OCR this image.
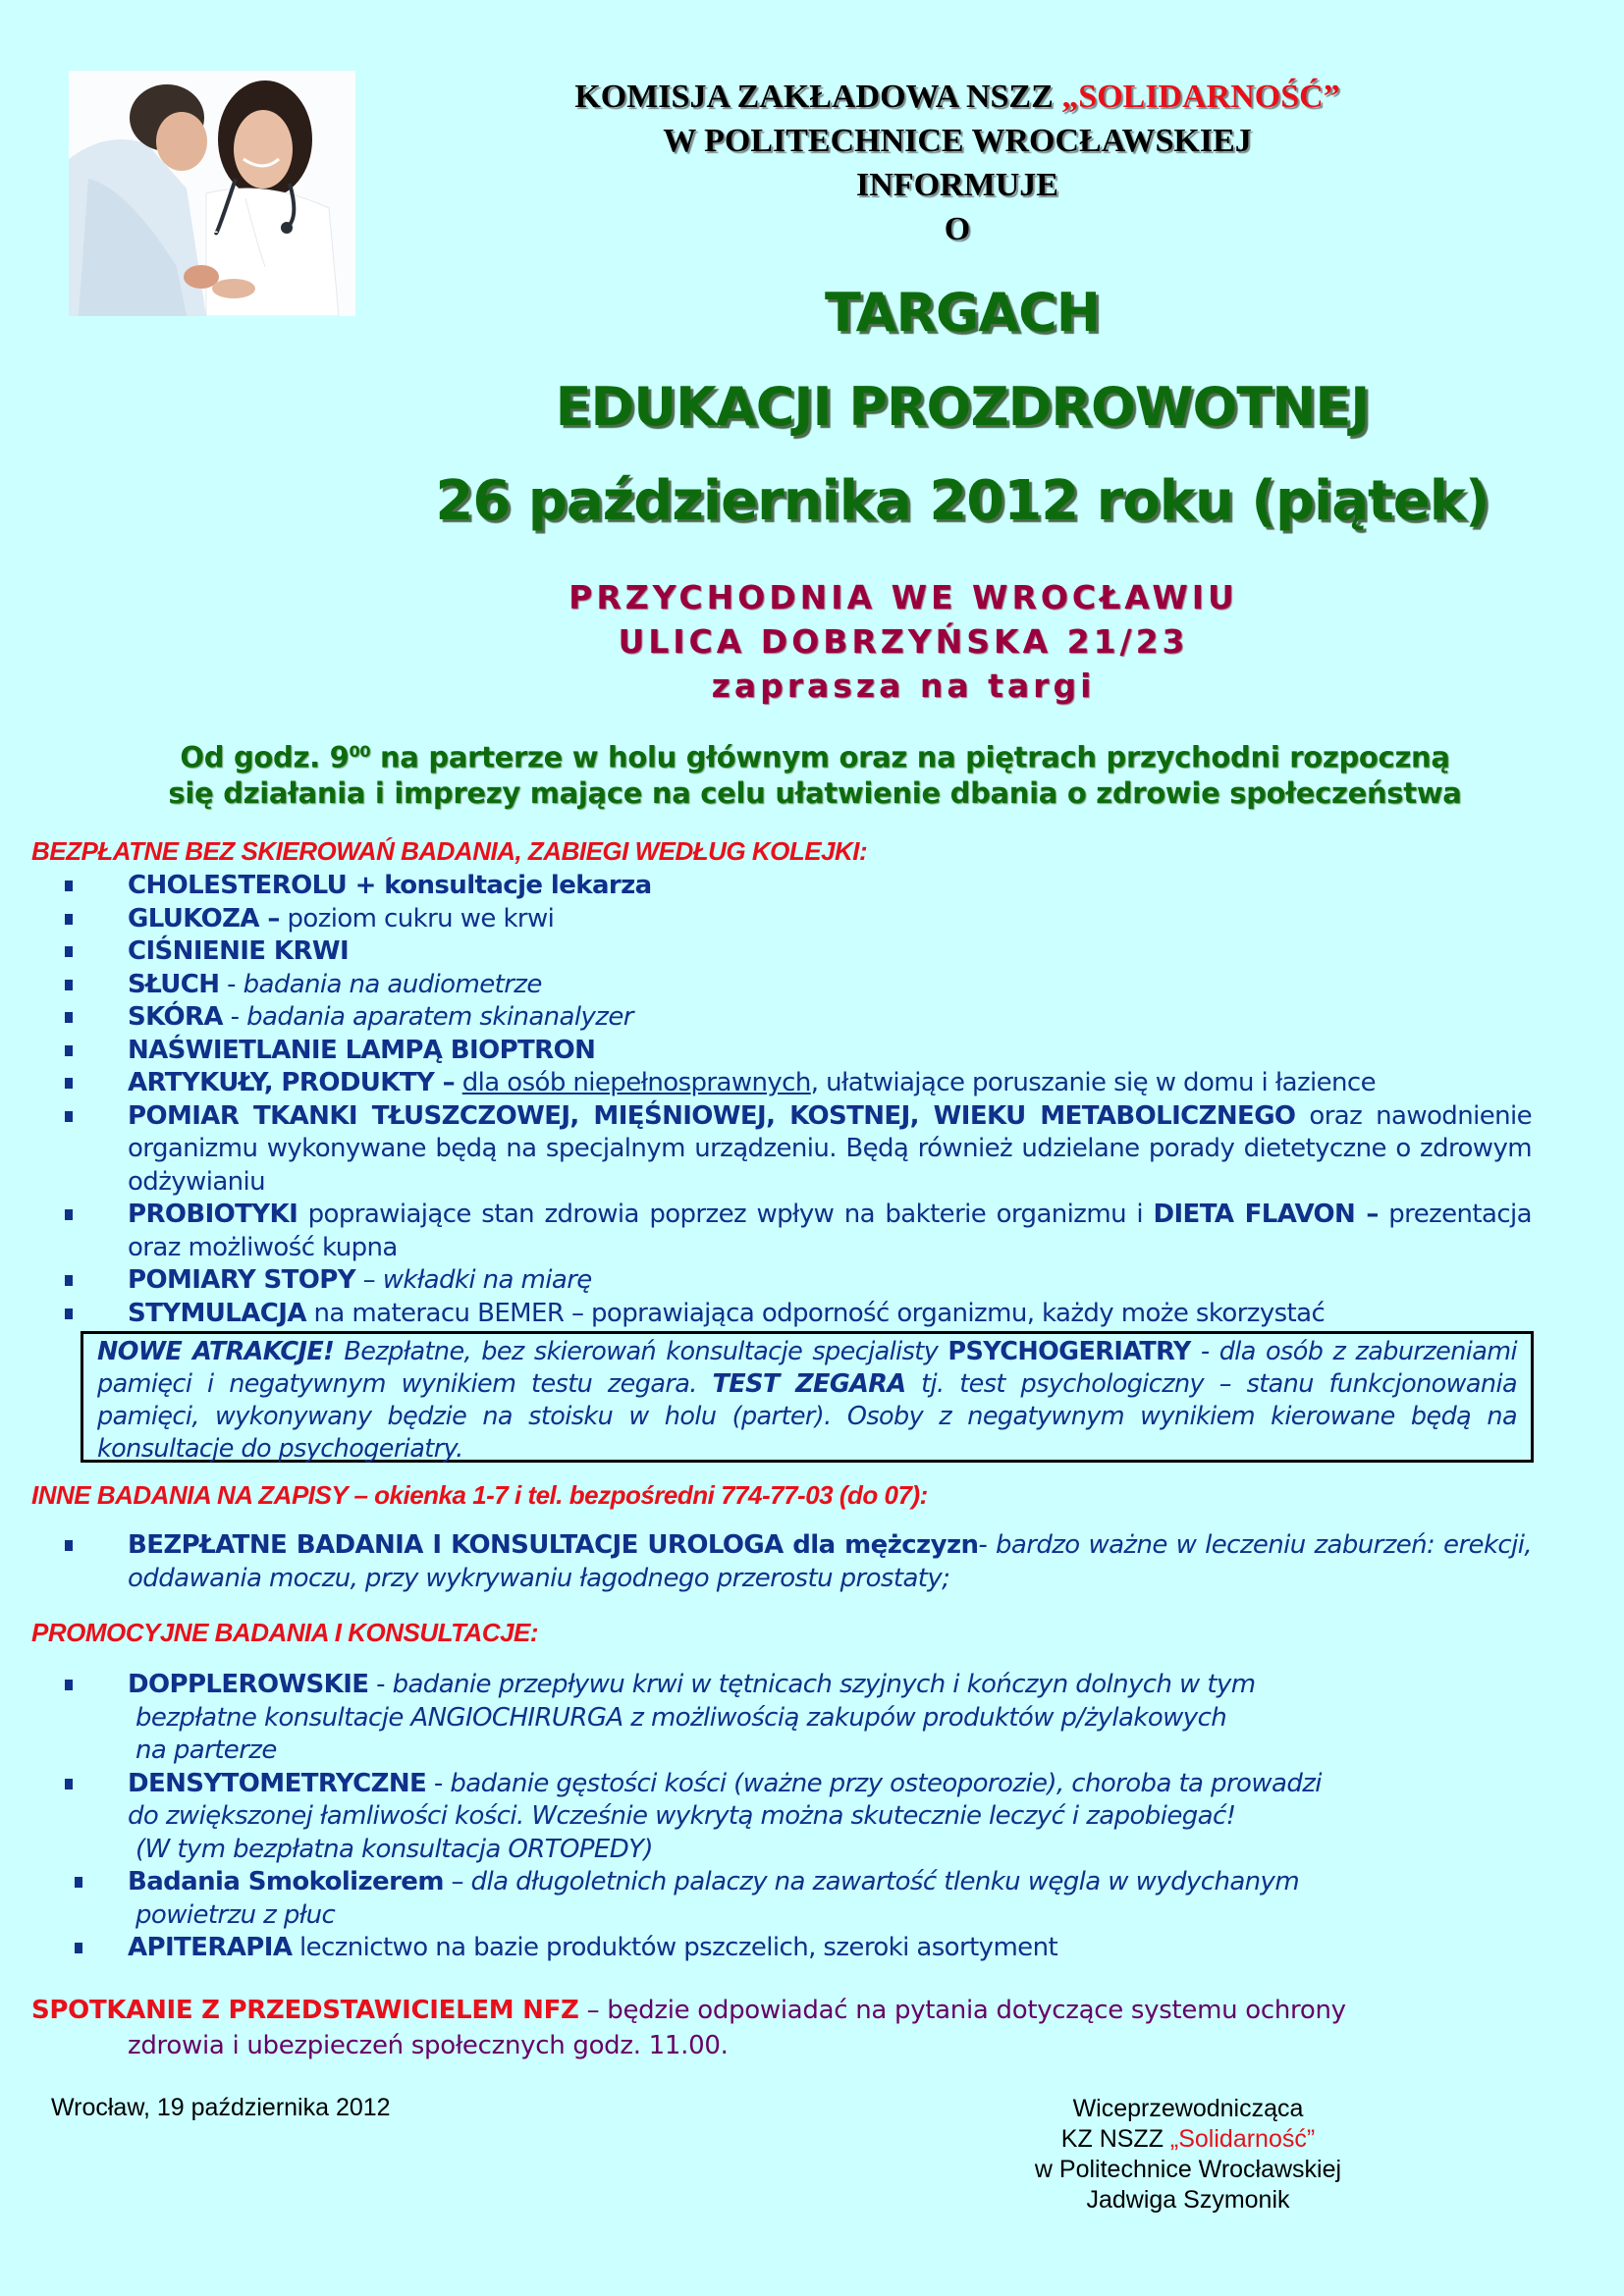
KOMISJA ZAKŁADOWA NSZZ „SOLIDARNOŚĆ”
W POLITECHNICE WROCŁAWSKIEJ
INFORMUJE
O
TARGACH
EDUKACJI PROZDROWOTNEJ
26 października 2012 roku (piątek)
PRZYCHODNIA WE WROCŁAWIU
ULICA DOBRZYŃSKA 21/23
zaprasza na targi
Od godz. $9^{00}$ na parterze w holu głównym oraz na piętrach przychodni rozpoczną
się działania i imprezy mające na celu ułatwienie dbania o zdrowie społeczeństwa
BEZPŁATNE BEZ SKIEROWAŃ BADANIA, ZABIEGI WEDŁUG KOLEJKI:
CHOLESTEROLU + konsultacje lekarza
GLUKOZA – poziom cukru we krwi
CIŚNIENIE KRWI
SŁUCH - badania na audiometrze
SKÓRA - badania aparatem skinanalyzer
NAŚWIETLANIE LAMPĄ BIOPTRON
ARTYKUŁY, PRODUKTY – dla osób niepełnosprawnych, ułatwiające poruszanie się w domu i łazience
POMIAR TKANKI TŁUSZCZOWEJ, MIĘŚNIOWEJ, KOSTNEJ, WIEKU METABOLICZNEGO oraz nawodnienie organizmu wykonywane będą na specjalnym urządzeniu. Będą również udzielane porady dietetyczne o zdrowym odżywianiu
PROBIOTYKI poprawiające stan zdrowia poprzez wpływ na bakterie organizmu i DIETA FLAVON – prezentacja oraz możliwość kupna
POMIARY STOPY – wkładki na miarę
STYMULACJA na materacu BEMER – poprawiająca odporność organizmu, każdy może skorzystać
NOWE ATRAKCJE! Bezpłatne, bez skierowań konsultacje specjalisty PSYCHOGERIATRY - dla osób z zaburzeniami pamięci i negatywnym wynikiem testu zegara. TEST ZEGARA tj. test psychologiczny – stanu funkcjonowania pamięci, wykonywany będzie na stoisku w holu (parter). Osoby z negatywnym wynikiem kierowane będą na konsultacje do psychogeriatry.
INNE BADANIA NA ZAPISY – okienka 1-7 i tel. bezpośredni 774-77-03 (do 07):
BEZPŁATNE BADANIA I KONSULTACJE UROLOGA dla mężczyzn- bardzo ważne w leczeniu zaburzeń: erekcji, oddawania moczu, przy wykrywaniu łagodnego przerostu prostaty;
PROMOCYJNE BADANIA I KONSULTACJE:
DOPPLEROWSKIE - badanie przepływu krwi w tętnicach szyjnych i kończyn dolnych w tym
bezpłatne konsultacje ANGIOCHIRURGA z możliwością zakupów produktów p/żylakowych
na parterze
DENSYTOMETRYCZNE - badanie gęstości kości (ważne przy osteoporozie), choroba ta prowadzi
do zwiększonej łamliwości kości. Wcześnie wykrytą można skutecznie leczyć i zapobiegać!
(W tym bezpłatna konsultacja ORTOPEDY)
Badania Smokolizerem – dla długoletnich palaczy na zawartość tlenku węgla w wydychanym
powietrzu z płuc
APITERAPIA lecznictwo na bazie produktów pszczelich, szeroki asortyment
SPOTKANIE Z PRZEDSTAWICIELEM NFZ – będzie odpowiadać na pytania dotyczące systemu ochrony
zdrowia i ubezpieczeń społecznych godz. 11.00.
Wrocław, 19 października 2012	Wiceprzewodnicząca
KZ NSZZ „Solidarność”
w Politechnice Wrocławskiej
Jadwiga Szymonik
